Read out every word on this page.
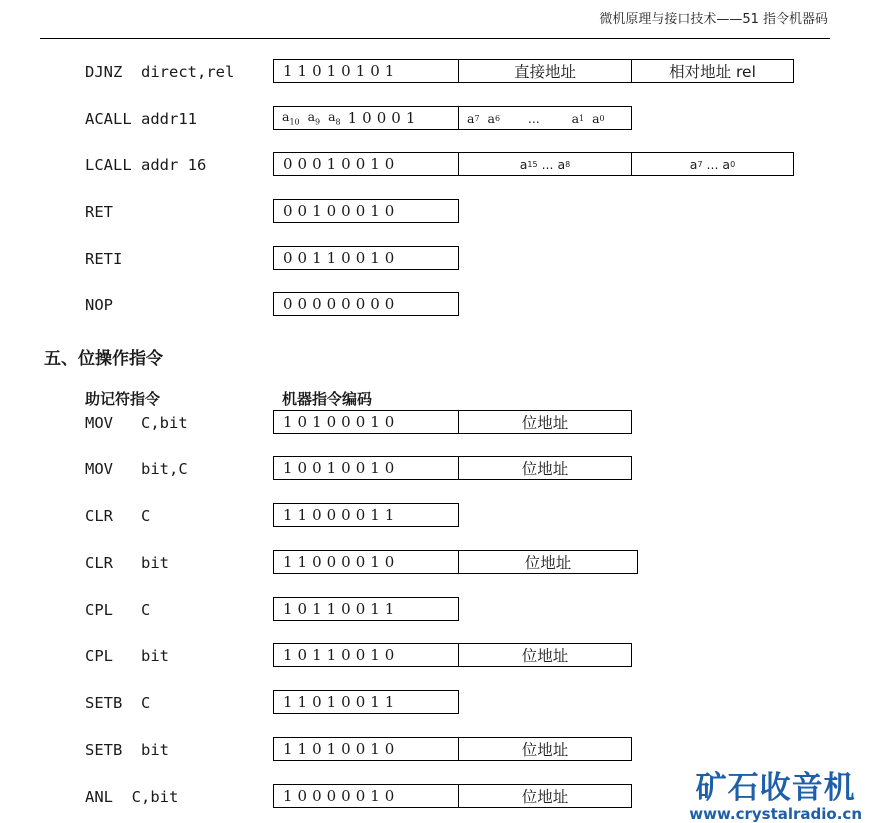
微机原理与接口技术——51 指令机器码
DJNZ  direct,rel	11010101	直接地址	相对地址 rel
ACALL addr11	$a_{10}$  $a_9$  $a_8$ 10001	a 7 a 6 ...        a 1 a 0
LCALL addr 16	00010010	a 15 ... a 8	a 7 ... a 0
RET	00100010
RETI	00110010
NOP	00000000
五、位操作指令
助记符指令	机器指令编码
MOV   C,bit	10100010	位地址
MOV   bit,C	10010010	位地址
CLR   C	11000011
CLR   bit	11000010	位地址
CPL   C	10110011
CPL   bit	10110010	位地址
SETB  C	11010011
SETB  bit	11010010	位地址
ANL  C,bit	10000010	位地址	矿石收音机
www.crystalradio.cn
